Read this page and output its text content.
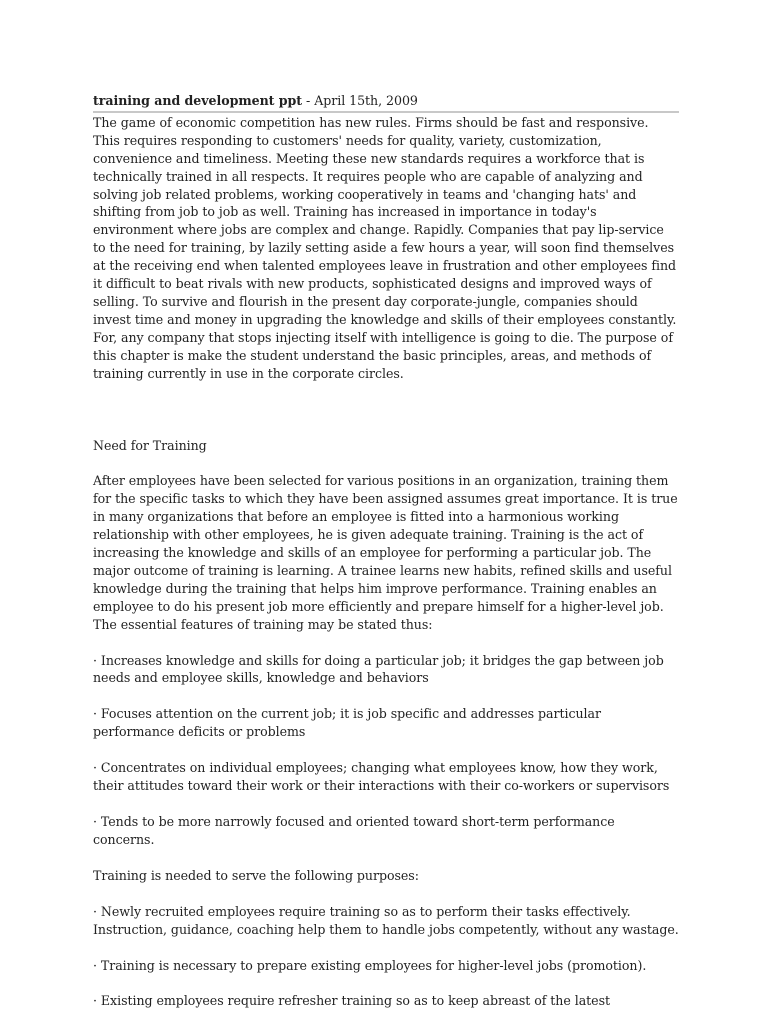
training and development ppt - April 15th, 2009

The game of economic competition has new rules. Firms should be fast and responsive. This requires responding to customers' needs for quality, variety, customization, convenience and timeliness. Meeting these new standards requires a workforce that is technically trained in all respects. It requires people who are capable of analyzing and solving job related problems, working cooperatively in teams and 'changing hats' and shifting from job to job as well. Training has increased in importance in today's environment where jobs are complex and change. Rapidly. Companies that pay lip-service to the need for training, by lazily setting aside a few hours a year, will soon find themselves at the receiving end when talented employees leave in frustration and other employees find it difficult to beat rivals with new products, sophisticated designs and improved ways of selling. To survive and flourish in the present day corporate-jungle, companies should invest time and money in upgrading the knowledge and skills of their employees constantly. For, any company that stops injecting itself with intelligence is going to die. The purpose of this chapter is make the student understand the basic principles, areas, and methods of training currently in use in the corporate circles.

Need for Training

After employees have been selected for various positions in an organization, training them for the specific tasks to which they have been assigned assumes great importance. It is true in many organizations that before an employee is fitted into a harmonious working relationship with other employees, he is given adequate training. Training is the act of increasing the knowledge and skills of an employee for performing a particular job. The major outcome of training is learning. A trainee learns new habits, refined skills and useful knowledge during the training that helps him improve performance. Training enables an employee to do his present job more efficiently and prepare himself for a higher-level job. The essential features of training may be stated thus:

· Increases knowledge and skills for doing a particular job; it bridges the gap between job needs and employee skills, knowledge and behaviors

· Focuses attention on the current job; it is job specific and addresses particular performance deficits or problems

· Concentrates on individual employees; changing what employees know, how they work, their attitudes toward their work or their interactions with their co-workers or supervisors

· Tends to be more narrowly focused and oriented toward short-term performance concerns.

Training is needed to serve the following purposes:

· Newly recruited employees require training so as to perform their tasks effectively. Instruction, guidance, coaching help them to handle jobs competently, without any wastage.

· Training is necessary to prepare existing employees for higher-level jobs (promotion).

· Existing employees require refresher training so as to keep abreast of the latest
